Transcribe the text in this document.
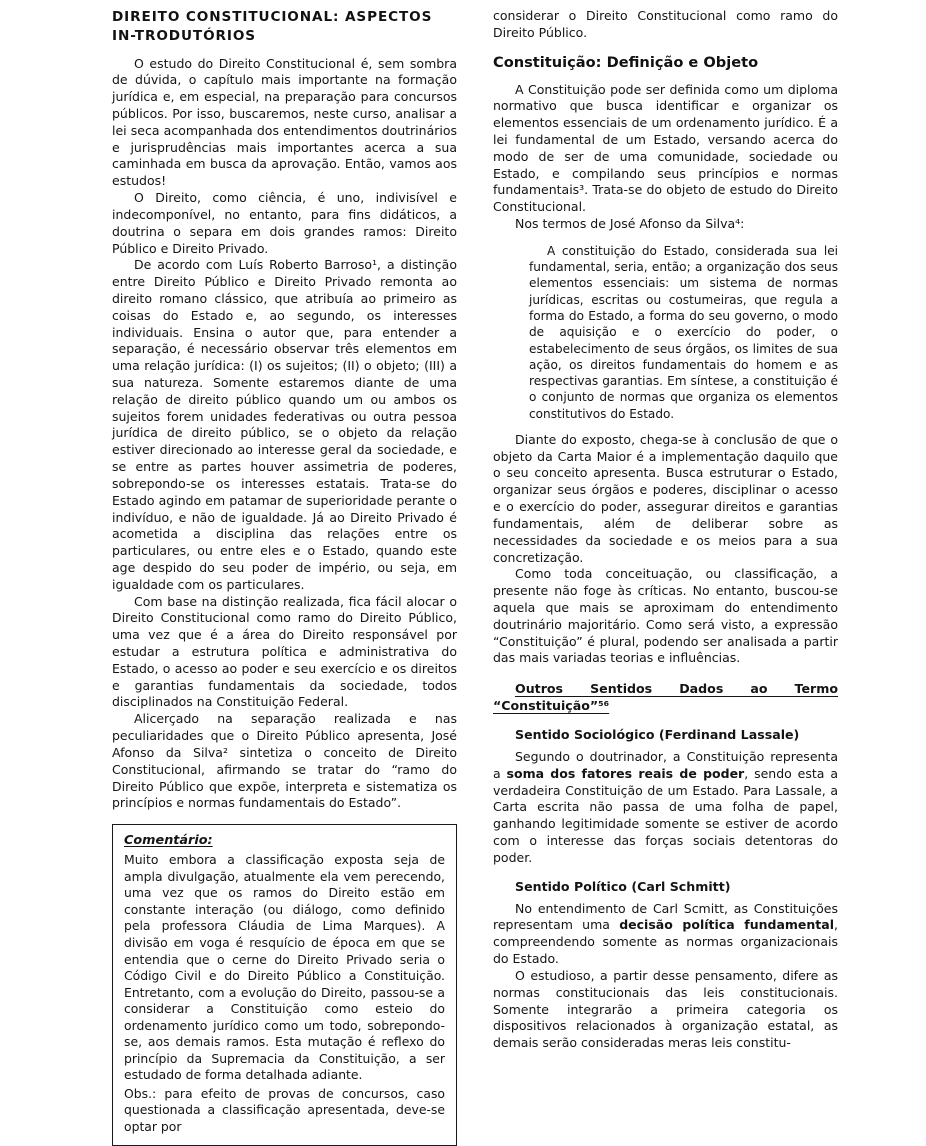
DIREITO CONSTITUCIONAL: ASPECTOS IN-TRODUTÓRIOS

O estudo do Direito Constitucional é, sem sombra de dúvida, o capítulo mais importante na formação jurídica e, em especial, na preparação para concursos públicos. Por isso, buscaremos, neste curso, analisar a lei seca acompanhada dos entendimentos doutrinários e jurisprudências mais importantes acerca a sua caminhada em busca da aprovação. Então, vamos aos estudos!

O Direito, como ciência, é uno, indivisível e indecomponível, no entanto, para fins didáticos, a doutrina o separa em dois grandes ramos: Direito Público e Direito Privado.

De acordo com Luís Roberto Barroso¹, a distinção entre Direito Público e Direito Privado remonta ao direito romano clássico, que atribuía ao primeiro as coisas do Estado e, ao segundo, os interesses individuais. Ensina o autor que, para entender a separação, é necessário observar três elementos em uma relação jurídica: (I) os sujeitos; (II) o objeto; (III) a sua natureza. Somente estaremos diante de uma relação de direito público quando um ou ambos os sujeitos forem unidades federativas ou outra pessoa jurídica de direito público, se o objeto da relação estiver direcionado ao interesse geral da sociedade, e se entre as partes houver assimetria de poderes, sobrepondo-se os interesses estatais. Trata-se do Estado agindo em patamar de superioridade perante o indivíduo, e não de igualdade. Já ao Direito Privado é acometida a disciplina das relações entre os particulares, ou entre eles e o Estado, quando este age despido do seu poder de império, ou seja, em igualdade com os particulares.

Com base na distinção realizada, fica fácil alocar o Direito Constitucional como ramo do Direito Público, uma vez que é a área do Direito responsável por estudar a estrutura política e administrativa do Estado, o acesso ao poder e seu exercício e os direitos e garantias fundamentais da sociedade, todos disciplinados na Constituição Federal.

Alicerçado na separação realizada e nas peculiaridades que o Direito Público apresenta, José Afonso da Silva² sintetiza o conceito de Direito Constitucional, afirmando se tratar do “ramo do Direito Público que expõe, interpreta e sistematiza os princípios e normas fundamentais do Estado”.

Comentário:

Muito embora a classificação exposta seja de ampla divulgação, atualmente ela vem perecendo, uma vez que os ramos do Direito estão em constante interação (ou diálogo, como definido pela professora Cláudia de Lima Marques). A divisão em voga é resquício de época em que se entendia que o cerne do Direito Privado seria o Código Civil e do Direito Público a Constituição. Entretanto, com a evolução do Direito, passou-se a considerar a Constituição como esteio do ordenamento jurídico como um todo, sobrepondo-se, aos demais ramos. Esta mutação é reflexo do princípio da Supremacia da Constituição, a ser estudado de forma detalhada adiante.

Obs.: para efeito de provas de concursos, caso questionada a classificação apresentada, deve-se optar por

considerar o Direito Constitucional como ramo do Direito Público.

Constituição: Definição e Objeto

A Constituição pode ser definida como um diploma normativo que busca identificar e organizar os elementos essenciais de um ordenamento jurídico. É a lei fundamental de um Estado, versando acerca do modo de ser de uma comunidade, sociedade ou Estado, e compilando seus princípios e normas fundamentais³. Trata-se do objeto de estudo do Direito Constitucional.

Nos termos de José Afonso da Silva⁴:

A constituição do Estado, considerada sua lei fundamental, seria, então; a organização dos seus elementos essenciais: um sistema de normas jurídicas, escritas ou costumeiras, que regula a forma do Estado, a forma do seu governo, o modo de aquisição e o exercício do poder, o estabelecimento de seus órgãos, os limites de sua ação, os direitos fundamentais do homem e as respectivas garantias. Em síntese, a constituição é o conjunto de normas que organiza os elementos constitutivos do Estado.

Diante do exposto, chega-se à conclusão de que o objeto da Carta Maior é a implementação daquilo que o seu conceito apresenta. Busca estruturar o Estado, organizar seus órgãos e poderes, disciplinar o acesso e o exercício do poder, assegurar direitos e garantias fundamentais, além de deliberar sobre as necessidades da sociedade e os meios para a sua concretização.

Como toda conceituação, ou classificação, a presente não foge às críticas. No entanto, buscou-se aquela que mais se aproximam do entendimento doutrinário majoritário. Como será visto, a expressão “Constituição” é plural, podendo ser analisada a partir das mais variadas teorias e influências.

Outros Sentidos Dados ao Termo “Constituição”⁵⁶

Sentido Sociológico (Ferdinand Lassale)

Segundo o doutrinador, a Constituição representa a soma dos fatores reais de poder, sendo esta a verdadeira Constituição de um Estado. Para Lassale, a Carta escrita não passa de uma folha de papel, ganhando legitimidade somente se estiver de acordo com o interesse das forças sociais detentoras do poder.

Sentido Político (Carl Schmitt)

No entendimento de Carl Scmitt, as Constituições representam uma decisão política fundamental, compreendendo somente as normas organizacionais do Estado.

O estudioso, a partir desse pensamento, difere as normas constitucionais das leis constitucionais. Somente integrarão a primeira categoria os dispositivos relacionados à organização estatal, as demais serão consideradas meras leis constitu-
